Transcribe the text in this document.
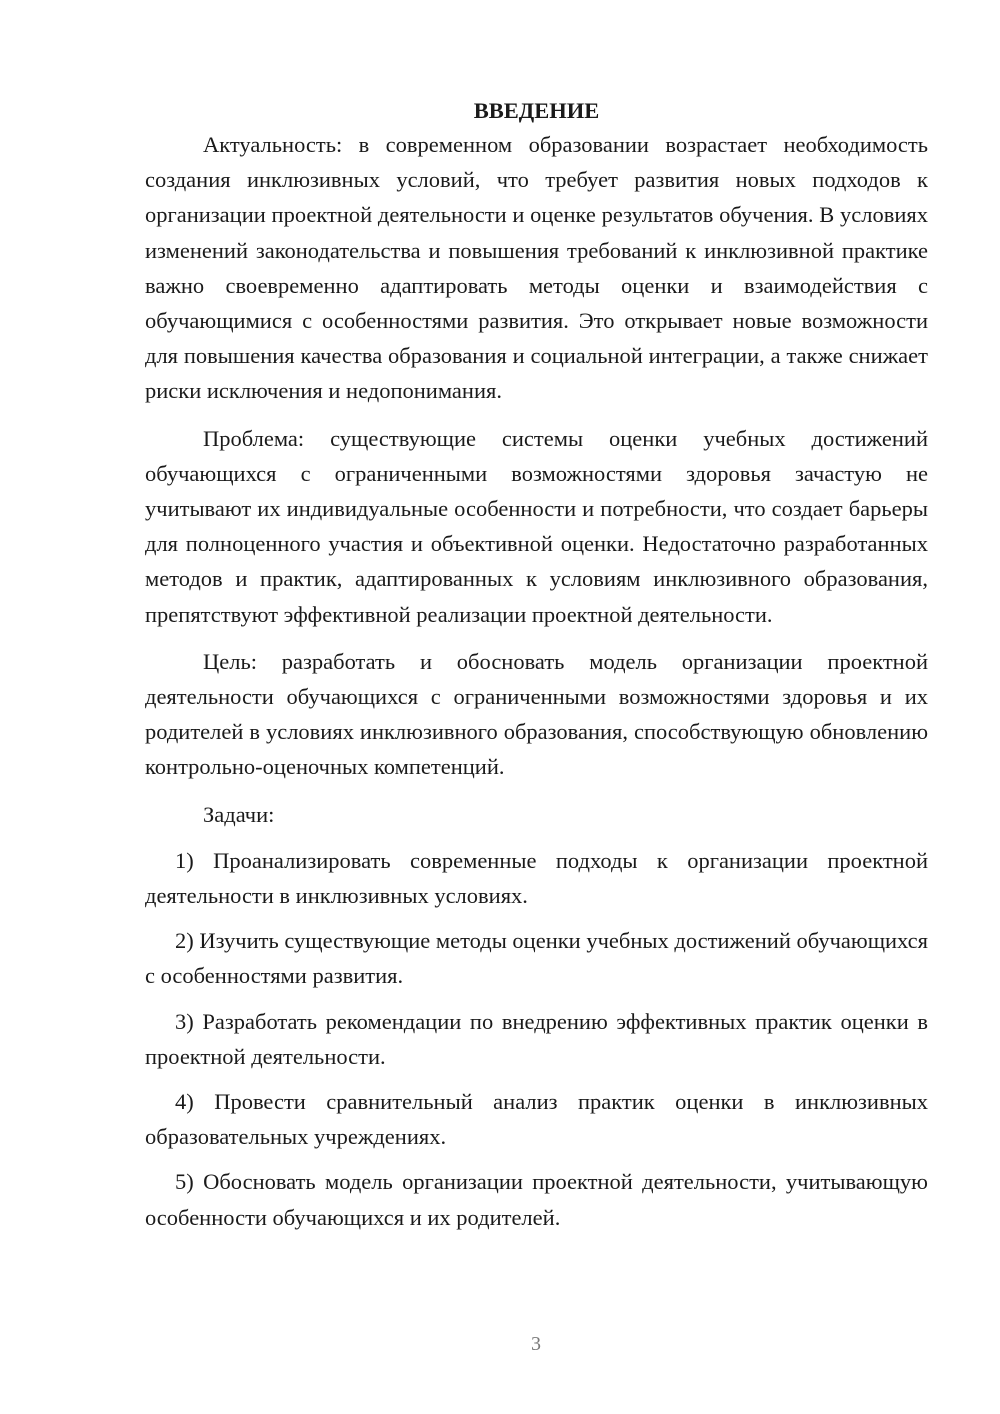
ВВЕДЕНИЕ

Актуальность: в современном образовании возрастает необходимость создания инклюзивных условий, что требует развития новых подходов к организации проектной деятельности и оценке результатов обучения. В условиях изменений законодательства и повышения требований к инклюзивной практике важно своевременно адаптировать методы оценки и взаимодействия с обучающимися с особенностями развития. Это открывает новые возможности для повышения качества образования и социальной интеграции, а также снижает риски исключения и недопонимания.

Проблема: существующие системы оценки учебных достижений обучающихся с ограниченными возможностями здоровья зачастую не учитывают их индивидуальные особенности и потребности, что создает барьеры для полноценного участия и объективной оценки. Недостаточно разработанных методов и практик, адаптированных к условиям инклюзивного образования, препятствуют эффективной реализации проектной деятельности.

Цель: разработать и обосновать модель организации проектной деятельности обучающихся с ограниченными возможностями здоровья и их родителей в условиях инклюзивного образования, способствующую обновлению контрольно-оценочных компетенций.

Задачи:

1) Проанализировать современные подходы к организации проектной деятельности в инклюзивных условиях.

2) Изучить существующие методы оценки учебных достижений обучающихся с особенностями развития.

3) Разработать рекомендации по внедрению эффективных практик оценки в проектной деятельности.

4) Провести сравнительный анализ практик оценки в инклюзивных образовательных учреждениях.

5) Обосновать модель организации проектной деятельности, учитывающую особенности обучающихся и их родителей.

3
